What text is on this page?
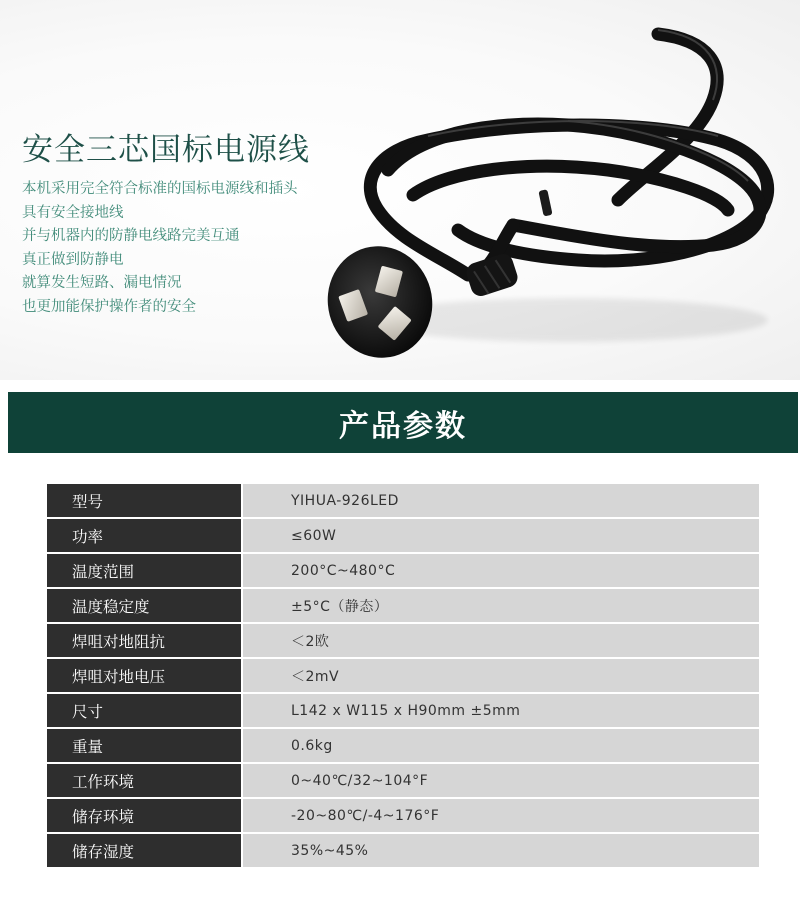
安全三芯国标电源线
本机采用完全符合标准的国标电源线和插头
具有安全接地线
并与机器内的防静电线路完美互通
真正做到防静电
就算发生短路、漏电情况
也更加能保护操作者的安全
产品参数
型号	YIHUA-926LED
功率	≤60W
温度范围	200°C~480°C
温度稳定度	±5°C（静态）
焊咀对地阻抗	＜2欧
焊咀对地电压	＜2mV
尺寸	L142 x W115 x H90mm ±5mm
重量	0.6kg
工作环境	0~40℃/32~104°F
储存环境	-20~80℃/-4~176°F
储存湿度	35%~45%
